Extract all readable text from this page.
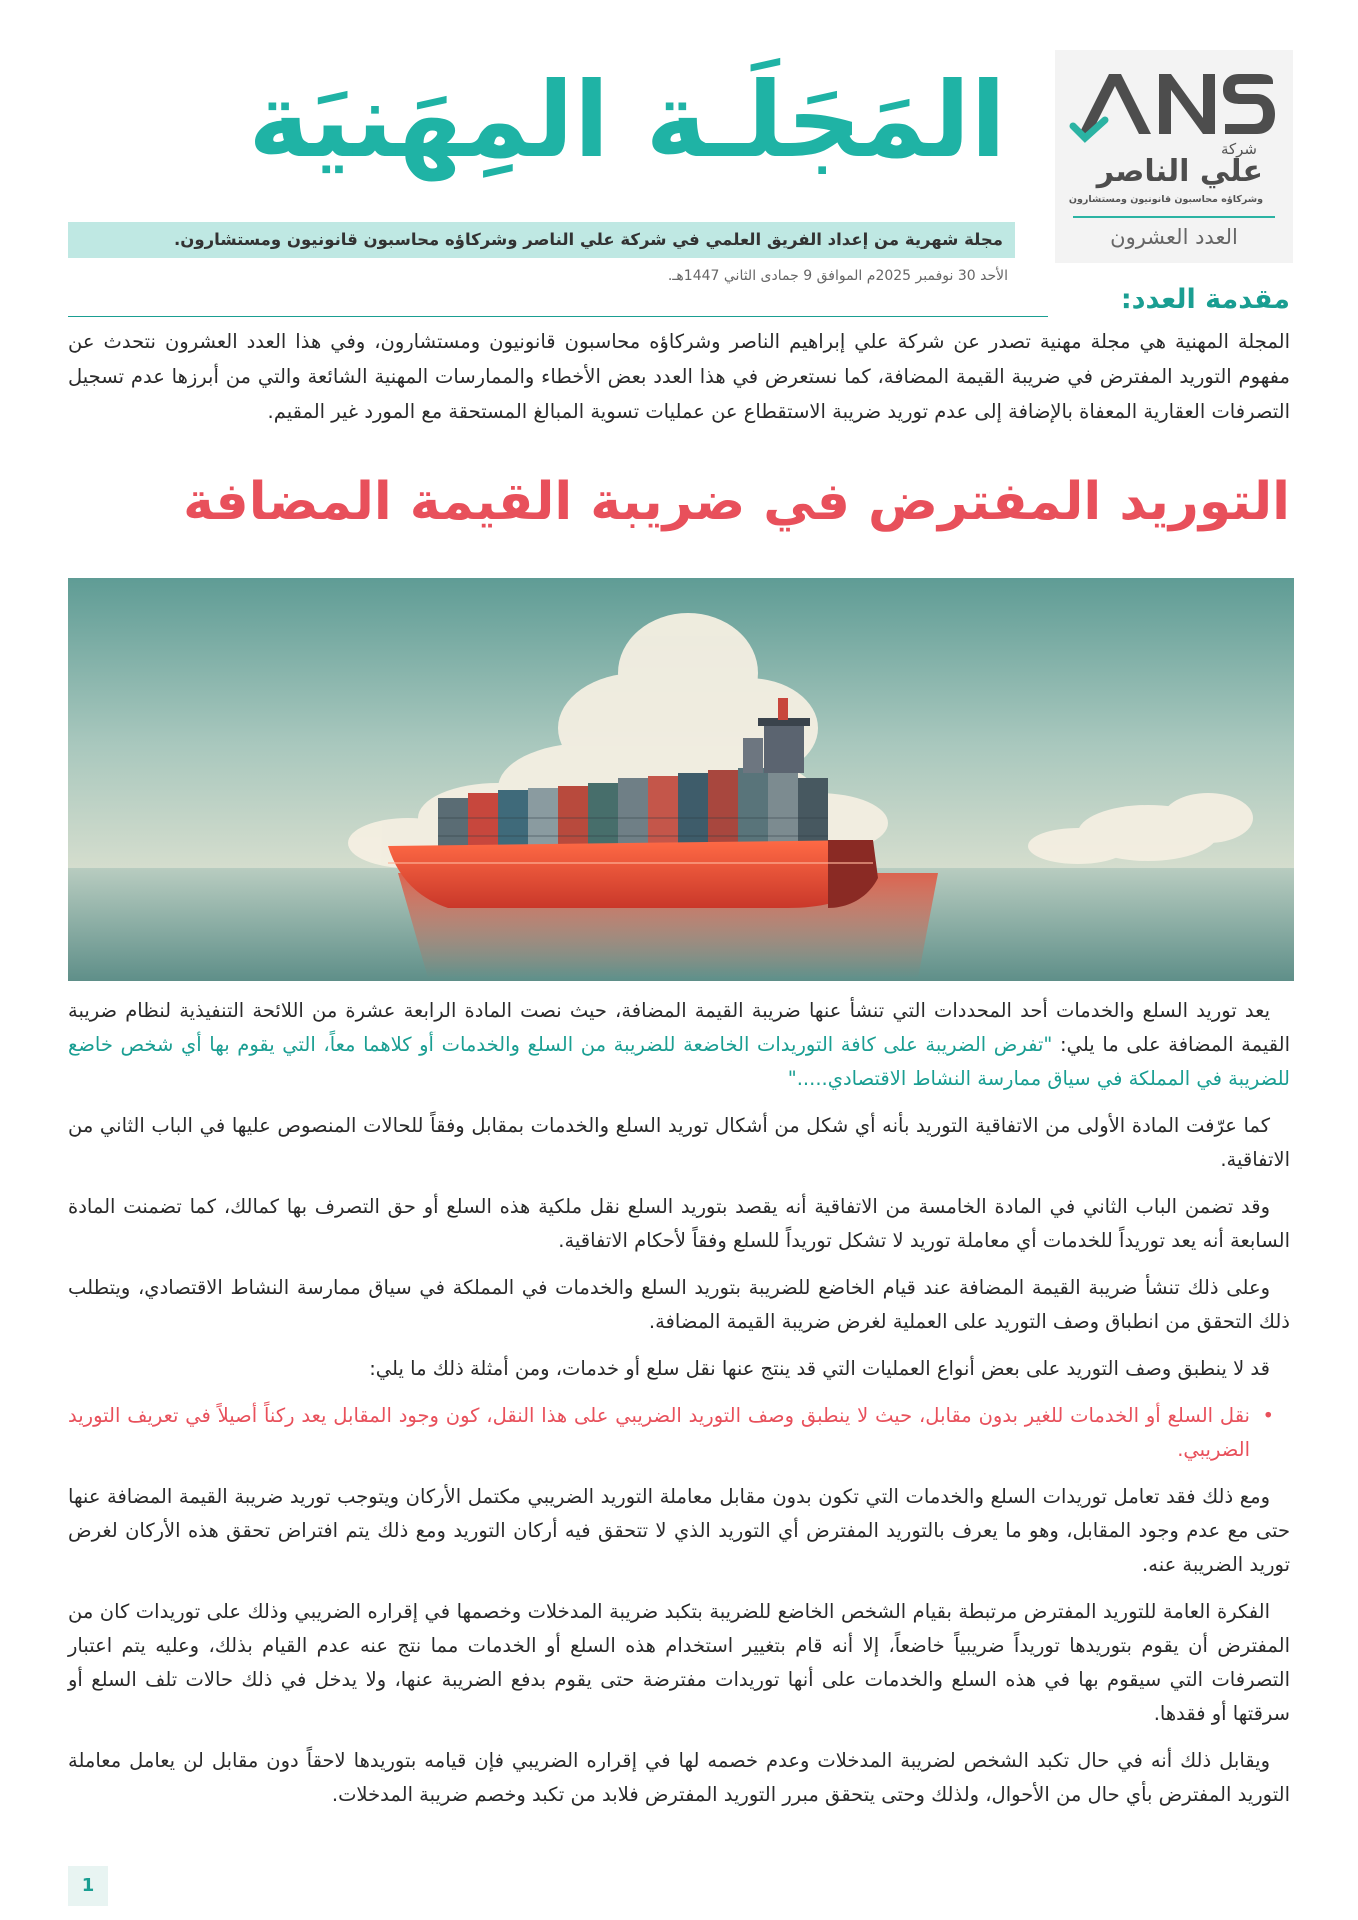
شركة
علي الناصر
وشركاؤه محاسبون قانونيون ومستشارون
العدد العشرون
المَجَلَـة المِهَنيَة
مجلة شهرية من إعداد الفريق العلمي في شركة علي الناصر وشركاؤه محاسبون قانونيون ومستشارون.
الأحد 30 نوفمبر 2025م الموافق 9 جمادى الثاني 1447هـ.
مقدمة العدد:
المجلة المهنية هي مجلة مهنية تصدر عن شركة علي إبراهيم الناصر وشركاؤه محاسبون قانونيون ومستشارون، وفي هذا العدد العشرون نتحدث عن مفهوم التوريد المفترض في ضريبة القيمة المضافة، كما نستعرض في هذا العدد بعض الأخطاء والممارسات المهنية الشائعة والتي من أبرزها عدم تسجيل التصرفات العقارية المعفاة بالإضافة إلى عدم توريد ضريبة الاستقطاع عن عمليات تسوية المبالغ المستحقة مع المورد غير المقيم.
التوريد المفترض في ضريبة القيمة المضافة

يعد توريد السلع والخدمات أحد المحددات التي تنشأ عنها ضريبة القيمة المضافة، حيث نصت المادة الرابعة عشرة من اللائحة التنفيذية لنظام ضريبة القيمة المضافة على ما يلي: "تفرض الضريبة على كافة التوريدات الخاضعة للضريبة من السلع والخدمات أو كلاهما معاً، التي يقوم بها أي شخص خاضع للضريبة في المملكة في سياق ممارسة النشاط الاقتصادي....."

كما عرّفت المادة الأولى من الاتفاقية التوريد بأنه أي شكل من أشكال توريد السلع والخدمات بمقابل وفقاً للحالات المنصوص عليها في الباب الثاني من الاتفاقية.

وقد تضمن الباب الثاني في المادة الخامسة من الاتفاقية أنه يقصد بتوريد السلع نقل ملكية هذه السلع أو حق التصرف بها كمالك، كما تضمنت المادة السابعة أنه يعد توريداً للخدمات أي معاملة توريد لا تشكل توريداً للسلع وفقاً لأحكام الاتفاقية.

وعلى ذلك تنشأ ضريبة القيمة المضافة عند قيام الخاضع للضريبة بتوريد السلع والخدمات في المملكة في سياق ممارسة النشاط الاقتصادي، ويتطلب ذلك التحقق من انطباق وصف التوريد على العملية لغرض ضريبة القيمة المضافة.

قد لا ينطبق وصف التوريد على بعض أنواع العمليات التي قد ينتج عنها نقل سلع أو خدمات، ومن أمثلة ذلك ما يلي:

•
نقل السلع أو الخدمات للغير بدون مقابل، حيث لا ينطبق وصف التوريد الضريبي على هذا النقل، كون وجود المقابل يعد ركناً أصيلاً في تعريف التوريد الضريبي.

ومع ذلك فقد تعامل توريدات السلع والخدمات التي تكون بدون مقابل معاملة التوريد الضريبي مكتمل الأركان ويتوجب توريد ضريبة القيمة المضافة عنها حتى مع عدم وجود المقابل، وهو ما يعرف بالتوريد المفترض أي التوريد الذي لا تتحقق فيه أركان التوريد ومع ذلك يتم افتراض تحقق هذه الأركان لغرض توريد الضريبة عنه.

الفكرة العامة للتوريد المفترض مرتبطة بقيام الشخص الخاضع للضريبة بتكبد ضريبة المدخلات وخصمها في إقراره الضريبي وذلك على توريدات كان من المفترض أن يقوم بتوريدها توريداً ضريبياً خاضعاً، إلا أنه قام بتغيير استخدام هذه السلع أو الخدمات مما نتج عنه عدم القيام بذلك، وعليه يتم اعتبار التصرفات التي سيقوم بها في هذه السلع والخدمات على أنها توريدات مفترضة حتى يقوم بدفع الضريبة عنها، ولا يدخل في ذلك حالات تلف السلع أو سرقتها أو فقدها.

ويقابل ذلك أنه في حال تكبد الشخص لضريبة المدخلات وعدم خصمه لها في إقراره الضريبي فإن قيامه بتوريدها لاحقاً دون مقابل لن يعامل معاملة التوريد المفترض بأي حال من الأحوال، ولذلك وحتى يتحقق مبرر التوريد المفترض فلابد من تكبد وخصم ضريبة المدخلات.

1
